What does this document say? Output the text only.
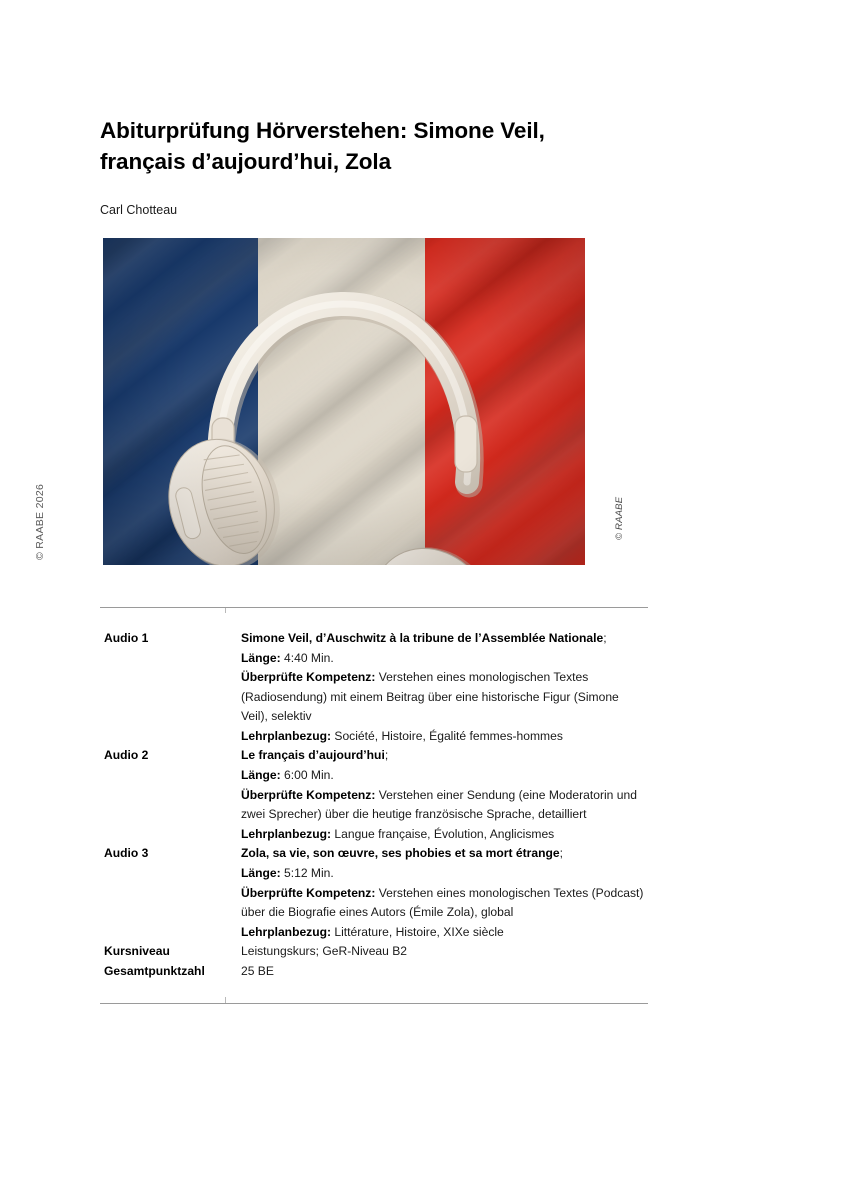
© RAABE 2026
Abiturprüfung Hörverstehen: Simone Veil, français d’aujourd’hui, Zola
Carl Chotteau
© RAABE

Audio 1	Simone Veil, d’Auschwitz à la tribune de l’Assemblée Nationale;
Länge: 4:40 Min.
Überprüfte Kompetenz: Verstehen eines monologischen Textes (Radiosendung) mit einem Beitrag über eine historische Figur (Simone Veil), selektiv
Lehrplanbezug: Société, Histoire, Égalité femmes-hommes

Audio 2	Le français d’aujourd’hui;
Länge: 6:00 Min.
Überprüfte Kompetenz: Verstehen einer Sendung (eine Moderatorin und zwei Sprecher) über die heutige französische Sprache, detailliert
Lehrplanbezug: Langue française, Évolution, Anglicismes

Audio 3	Zola, sa vie, son œuvre, ses phobies et sa mort étrange;
Länge: 5:12 Min.
Überprüfte Kompetenz: Verstehen eines monologischen Textes (Podcast) über die Biografie eines Autors (Émile Zola), global
Lehrplanbezug: Littérature, Histoire, XIXe siècle

Kursniveau	Leistungskurs; GeR-Niveau B2

Gesamtpunktzahl	25 BE
